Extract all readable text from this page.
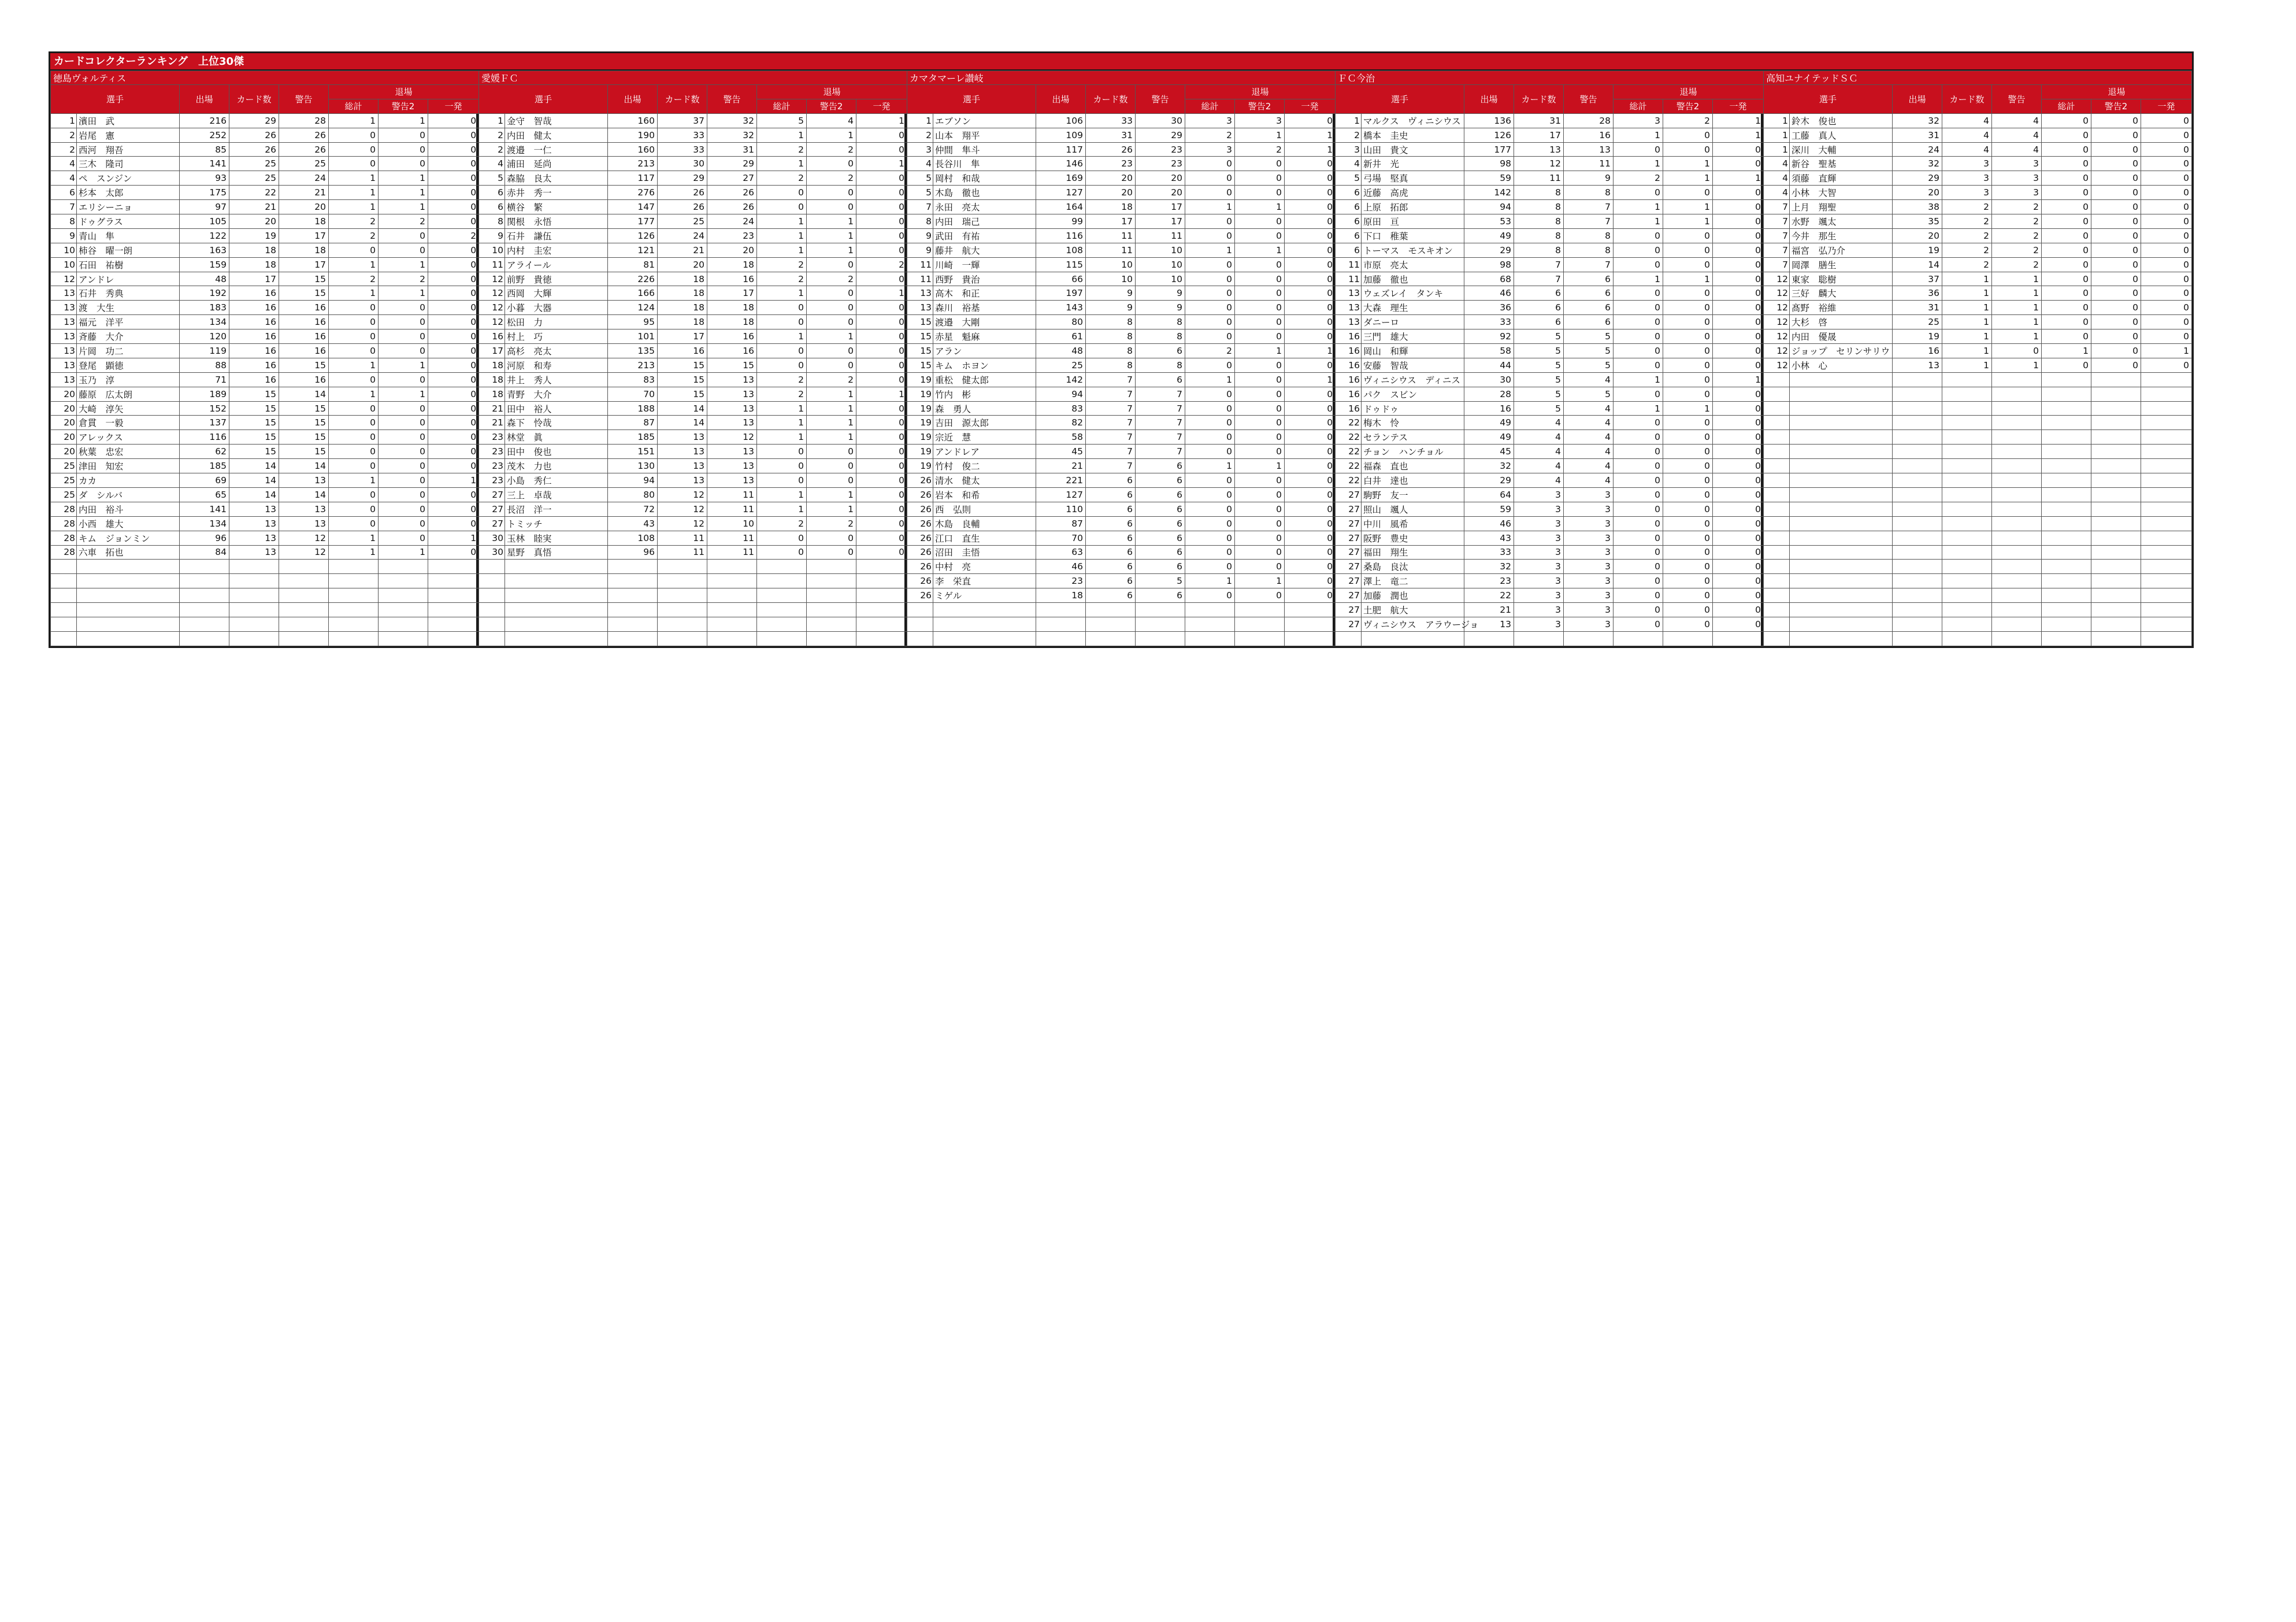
カードコレクターランキング　上位30傑
徳島ヴォルティス							
選手		出場	カード数	警告	退場		
					総計	警告2	一発
1	濱田　武	216	29	28	1	1	0
2	岩尾　憲	252	26	26	0	0	0
2	西河　翔吾	85	26	26	0	0	0
4	三木　隆司	141	25	25	0	0	0
4	ペ　スンジン	93	25	24	1	1	0
6	杉本　太郎	175	22	21	1	1	0
7	エリシーニョ	97	21	20	1	1	0
8	ドゥグラス	105	20	18	2	2	0
9	青山　隼	122	19	17	2	0	2
10	柿谷　曜一朗	163	18	18	0	0	0
10	石田　祐樹	159	18	17	1	1	0
12	アンドレ	48	17	15	2	2	0
13	石井　秀典	192	16	15	1	1	0
13	渡　大生	183	16	16	0	0	0
13	福元　洋平	134	16	16	0	0	0
13	斉藤　大介	120	16	16	0	0	0
13	片岡　功二	119	16	16	0	0	0
13	登尾　顕徳	88	16	15	1	1	0
13	玉乃　淳	71	16	16	0	0	0
20	藤原　広太朗	189	15	14	1	1	0
20	大崎　淳矢	152	15	15	0	0	0
20	倉貫　一毅	137	15	15	0	0	0
20	アレックス	116	15	15	0	0	0
20	秋葉　忠宏	62	15	15	0	0	0
25	津田　知宏	185	14	14	0	0	0
25	カカ	69	14	13	1	0	1
25	ダ　シルバ	65	14	14	0	0	0
28	内田　裕斗	141	13	13	0	0	0
28	小西　雄大	134	13	13	0	0	0
28	キム　ジョンミン	96	13	12	1	0	1
28	六車　拓也	84	13	12	1	1	0

愛媛ＦＣ							
選手		出場	カード数	警告	退場		
					総計	警告2	一発
1	金守　智哉	160	37	32	5	4	1
2	内田　健太	190	33	32	1	1	0
2	渡邉　一仁	160	33	31	2	2	0
4	浦田　延尚	213	30	29	1	0	1
5	森脇　良太	117	29	27	2	2	0
6	赤井　秀一	276	26	26	0	0	0
6	横谷　繁	147	26	26	0	0	0
8	関根　永悟	177	25	24	1	1	0
9	石井　謙伍	126	24	23	1	1	0
10	内村　圭宏	121	21	20	1	1	0
11	アライール	81	20	18	2	0	2
12	前野　貴徳	226	18	16	2	2	0
12	西岡　大輝	166	18	17	1	0	1
12	小暮　大器	124	18	18	0	0	0
12	松田　力	95	18	18	0	0	0
16	村上　巧	101	17	16	1	1	0
17	高杉　亮太	135	16	16	0	0	0
18	河原　和寿	213	15	15	0	0	0
18	井上　秀人	83	15	13	2	2	0
18	青野　大介	70	15	13	2	1	1
21	田中　裕人	188	14	13	1	1	0
21	森下　怜哉	87	14	13	1	1	0
23	林堂　眞	185	13	12	1	1	0
23	田中　俊也	151	13	13	0	0	0
23	茂木　力也	130	13	13	0	0	0
23	小島　秀仁	94	13	13	0	0	0
27	三上　卓哉	80	12	11	1	1	0
27	長沼　洋一	72	12	11	1	1	0
27	トミッチ	43	12	10	2	2	0
30	玉林　睦実	108	11	11	0	0	0
30	星野　真悟	96	11	11	0	0	0

カマタマーレ讃岐							
選手		出場	カード数	警告	退場		
					総計	警告2	一発
1	エブソン	106	33	30	3	3	0
2	山本　翔平	109	31	29	2	1	1
3	仲間　隼斗	117	26	23	3	2	1
4	長谷川　隼	146	23	23	0	0	0
5	岡村　和哉	169	20	20	0	0	0
5	木島　徹也	127	20	20	0	0	0
7	永田　亮太	164	18	17	1	1	0
8	内田　瑞己	99	17	17	0	0	0
9	武田　有祐	116	11	11	0	0	0
9	藤井　航大	108	11	10	1	1	0
11	川崎　一輝	115	10	10	0	0	0
11	西野　貴治	66	10	10	0	0	0
13	高木　和正	197	9	9	0	0	0
13	森川　裕基	143	9	9	0	0	0
15	渡邉　大剛	80	8	8	0	0	0
15	赤星　魁麻	61	8	8	0	0	0
15	アラン	48	8	6	2	1	1
15	キム　ホヨン	25	8	8	0	0	0
19	重松　健太郎	142	7	6	1	0	1
19	竹内　彬	94	7	7	0	0	0
19	森　勇人	83	7	7	0	0	0
19	吉田　源太郎	82	7	7	0	0	0
19	宗近　慧	58	7	7	0	0	0
19	アンドレア	45	7	7	0	0	0
19	竹村　俊二	21	7	6	1	1	0
26	清水　健太	221	6	6	0	0	0
26	岩本　和希	127	6	6	0	0	0
26	西　弘則	110	6	6	0	0	0
26	木島　良輔	87	6	6	0	0	0
26	江口　直生	70	6	6	0	0	0
26	沼田　圭悟	63	6	6	0	0	0
26	中村　亮	46	6	6	0	0	0
26	李　栄直	23	6	5	1	1	0
26	ミゲル	18	6	6	0	0	0

ＦＣ今治							
選手		出場	カード数	警告	退場		
					総計	警告2	一発
1	マルクス　ヴィニシウス	136	31	28	3	2	1
2	橋本　圭史	126	17	16	1	0	1
3	山田　貴文	177	13	13	0	0	0
4	新井　光	98	12	11	1	1	0
5	弓場　堅真	59	11	9	2	1	1
6	近藤　高虎	142	8	8	0	0	0
6	上原　拓郎	94	8	7	1	1	0
6	原田　亘	53	8	7	1	1	0
6	下口　稚葉	49	8	8	0	0	0
6	トーマス　モスキオン	29	8	8	0	0	0
11	市原　亮太	98	7	7	0	0	0
11	加藤　徹也	68	7	6	1	1	0
13	ウェズレイ　タンキ	46	6	6	0	0	0
13	大森　理生	36	6	6	0	0	0
13	ダニーロ	33	6	6	0	0	0
16	三門　雄大	92	5	5	0	0	0
16	岡山　和輝	58	5	5	0	0	0
16	安藤　智哉	44	5	5	0	0	0
16	ヴィニシウス　ディニス	30	5	4	1	0	1
16	パク　スビン	28	5	5	0	0	0
16	ドゥドゥ	16	5	4	1	1	0
22	梅木　怜	49	4	4	0	0	0
22	セランテス	49	4	4	0	0	0
22	チョン　ハンチョル	45	4	4	0	0	0
22	福森　直也	32	4	4	0	0	0
22	白井　達也	29	4	4	0	0	0
27	駒野　友一	64	3	3	0	0	0
27	照山　颯人	59	3	3	0	0	0
27	中川　風希	46	3	3	0	0	0
27	阪野　豊史	43	3	3	0	0	0
27	福田　翔生	33	3	3	0	0	0
27	桑島　良汰	32	3	3	0	0	0
27	澤上　竜二	23	3	3	0	0	0
27	加藤　潤也	22	3	3	0	0	0
27	土肥　航大	21	3	3	0	0	0
27	ヴィニシウス　アラウージョ	13	3	3	0	0	0

高知ユナイテッドＳＣ							
選手		出場	カード数	警告	退場		
					総計	警告2	一発
1	鈴木　俊也	32	4	4	0	0	0
1	工藤　真人	31	4	4	0	0	0
1	深川　大輔	24	4	4	0	0	0
4	新谷　聖基	32	3	3	0	0	0
4	須藤　直輝	29	3	3	0	0	0
4	小林　大智	20	3	3	0	0	0
7	上月　翔聖	38	2	2	0	0	0
7	水野　颯太	35	2	2	0	0	0
7	今井　那生	20	2	2	0	0	0
7	福宮　弘乃介	19	2	2	0	0	0
7	岡澤　膳生	14	2	2	0	0	0
12	東家　聡樹	37	1	1	0	0	0
12	三好　麟大	36	1	1	0	0	0
12	髙野　裕維	31	1	1	0	0	0
12	大杉　啓	25	1	1	0	0	0
12	内田　優晟	19	1	1	0	0	0
12	ジョップ　セリンサリウ	16	1	0	1	0	1
12	小林　心	13	1	1	0	0	0
